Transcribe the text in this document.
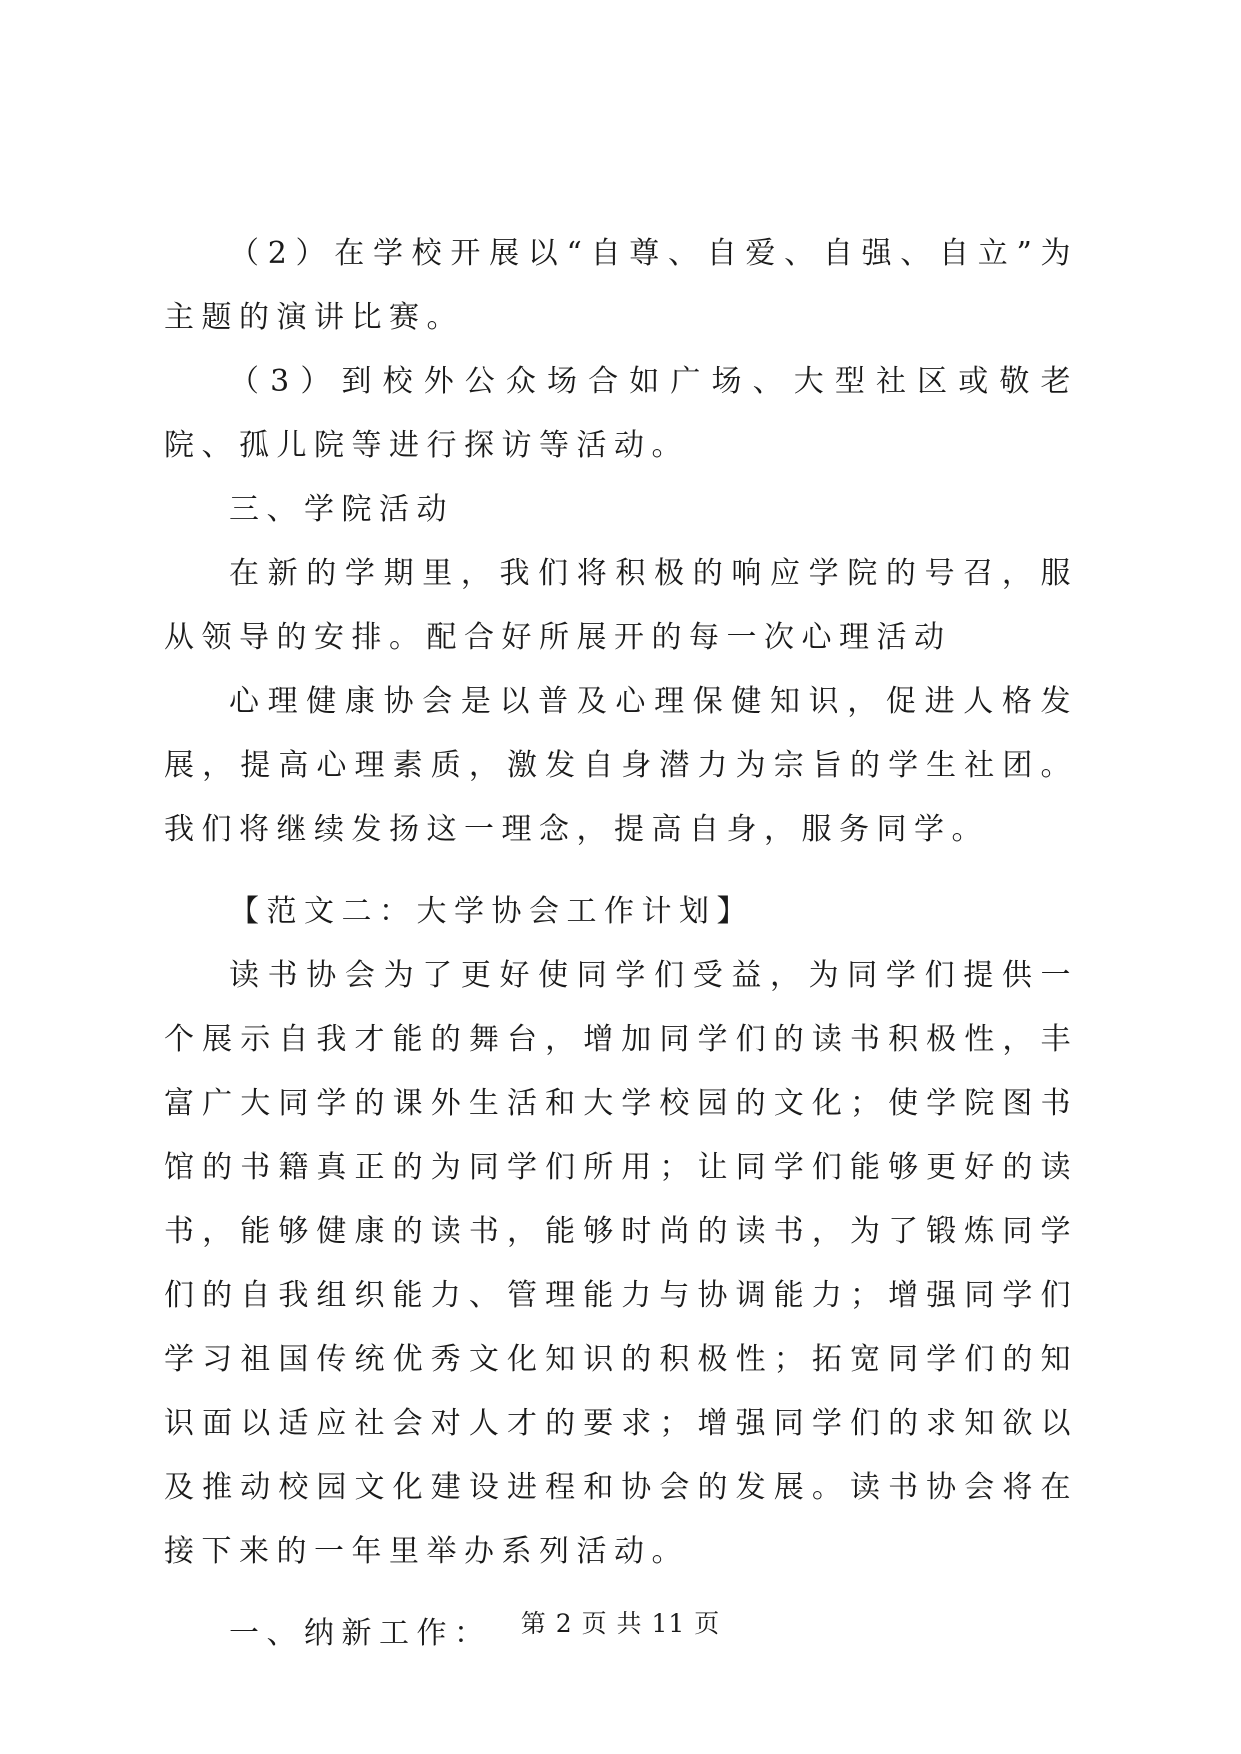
（2）在学校开展以“自尊、自爱、自强、自立”为主题的演讲比赛。

（3）到校外公众场合如广场、大型社区或敬老院、孤儿院等进行探访等活动。

三、学院活动

在新的学期里，我们将积极的响应学院的号召，服从领导的安排。配合好所展开的每一次心理活动

心理健康协会是以普及心理保健知识，促进人格发展，提高心理素质，激发自身潜力为宗旨的学生社团。我们将继续发扬这一理念，提高自身，服务同学。

【范文二：大学协会工作计划】

读书协会为了更好使同学们受益，为同学们提供一个展示自我才能的舞台，增加同学们的读书积极性，丰富广大同学的课外生活和大学校园的文化；使学院图书馆的书籍真正的为同学们所用；让同学们能够更好的读书，能够健康的读书，能够时尚的读书，为了锻炼同学们的自我组织能力、管理能力与协调能力；增强同学们学习祖国传统优秀文化知识的积极性；拓宽同学们的知识面以适应社会对人才的要求；增强同学们的求知欲以及推动校园文化建设进程和协会的发展。读书协会将在接下来的一年里举办系列活动。

一、纳新工作：	第 2 页 共 11 页
